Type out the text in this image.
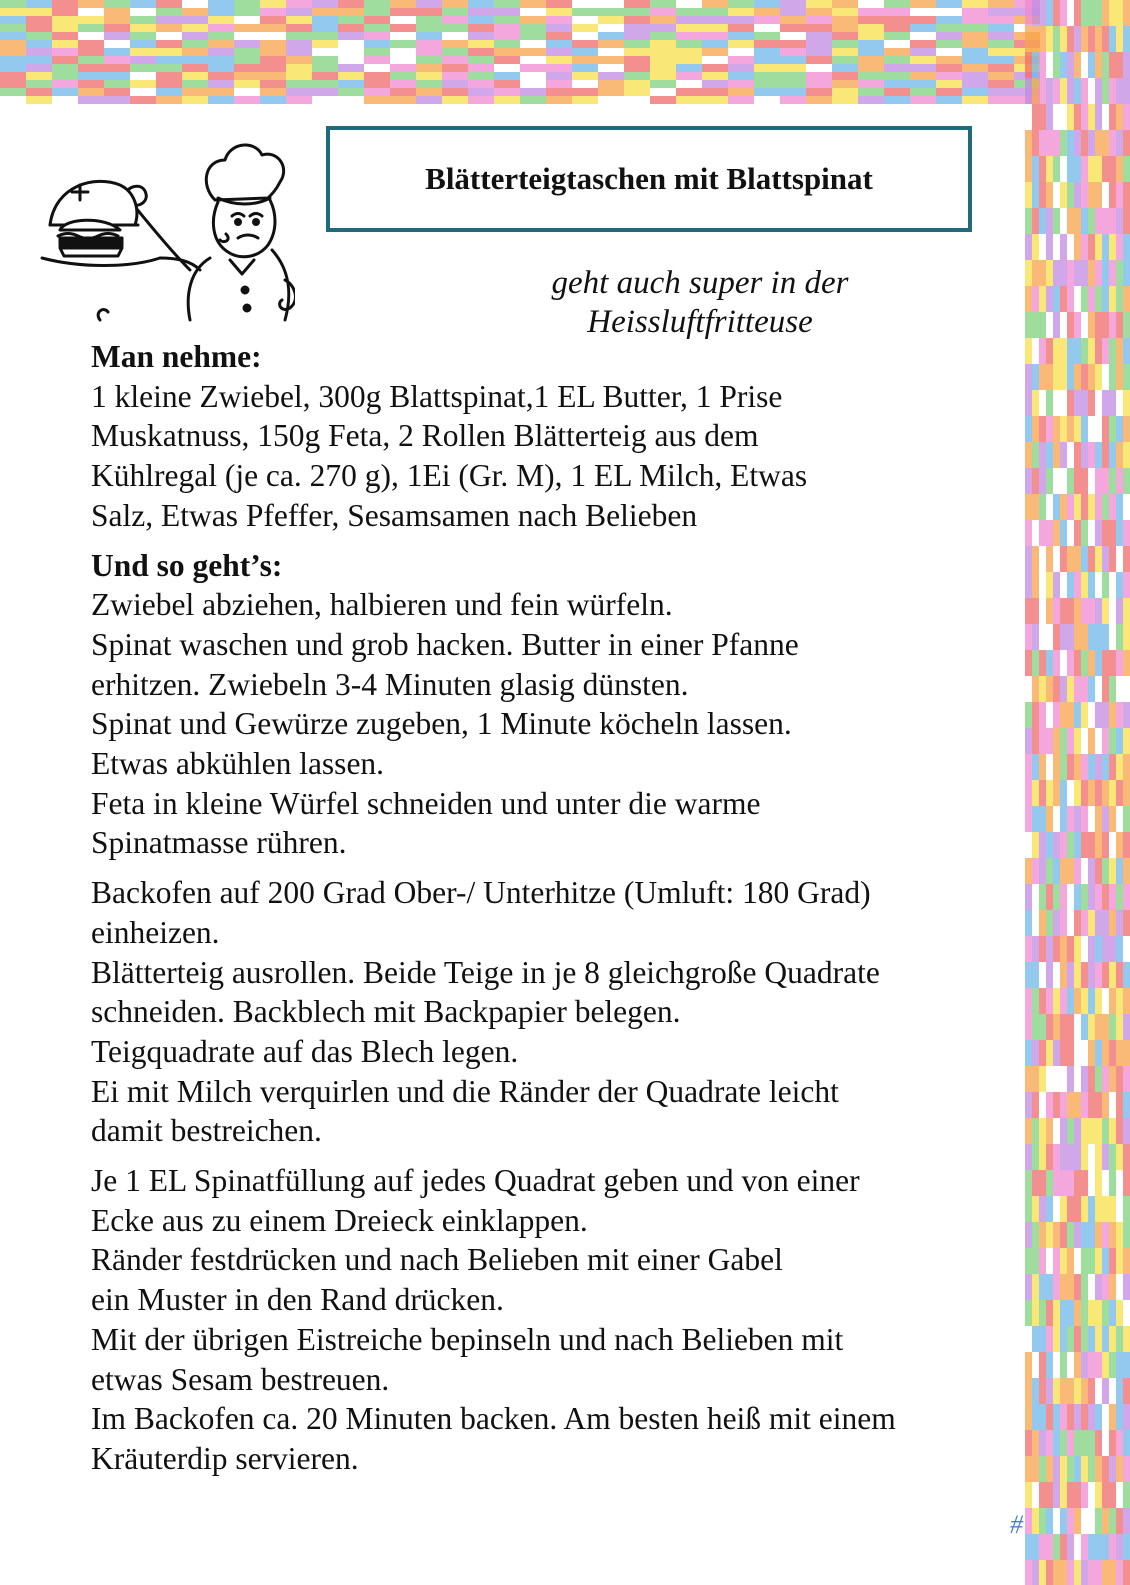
Blätterteigtaschen mit Blattspinat
geht auch super in der
Heissluftfritteuse
Man nehme:

1 kleine Zwiebel, 300g Blattspinat,1 EL Butter, 1 Prise

Muskatnuss, 150g Feta, 2 Rollen Blätterteig aus dem

Kühlregal (je ca. 270 g), 1Ei (Gr. M), 1 EL Milch, Etwas

Salz, Etwas Pfeffer, Sesamsamen nach Belieben

Und so geht’s:

Zwiebel abziehen, halbieren und fein würfeln.

Spinat waschen und grob hacken. Butter in einer Pfanne

erhitzen. Zwiebeln 3-4 Minuten glasig dünsten.

Spinat und Gewürze zugeben, 1 Minute köcheln lassen.

Etwas abkühlen lassen.

Feta in kleine Würfel schneiden und unter die warme

Spinatmasse rühren.

Backofen auf 200 Grad Ober-/ Unterhitze (Umluft: 180 Grad)

einheizen.

Blätterteig ausrollen. Beide Teige in je 8 gleichgroße Quadrate

schneiden. Backblech mit Backpapier belegen.

Teigquadrate auf das Blech legen.

Ei mit Milch verquirlen und die Ränder der Quadrate leicht

damit bestreichen.

Je 1 EL Spinatfüllung auf jedes Quadrat geben und von einer

Ecke aus zu einem Dreieck einklappen.

Ränder festdrücken und nach Belieben mit einer Gabel

ein Muster in den Rand drücken.

Mit der übrigen Eistreiche bepinseln und nach Belieben mit

etwas Sesam bestreuen.

Im Backofen ca. 20 Minuten backen. Am besten heiß mit einem

Kräuterdip servieren.

#
